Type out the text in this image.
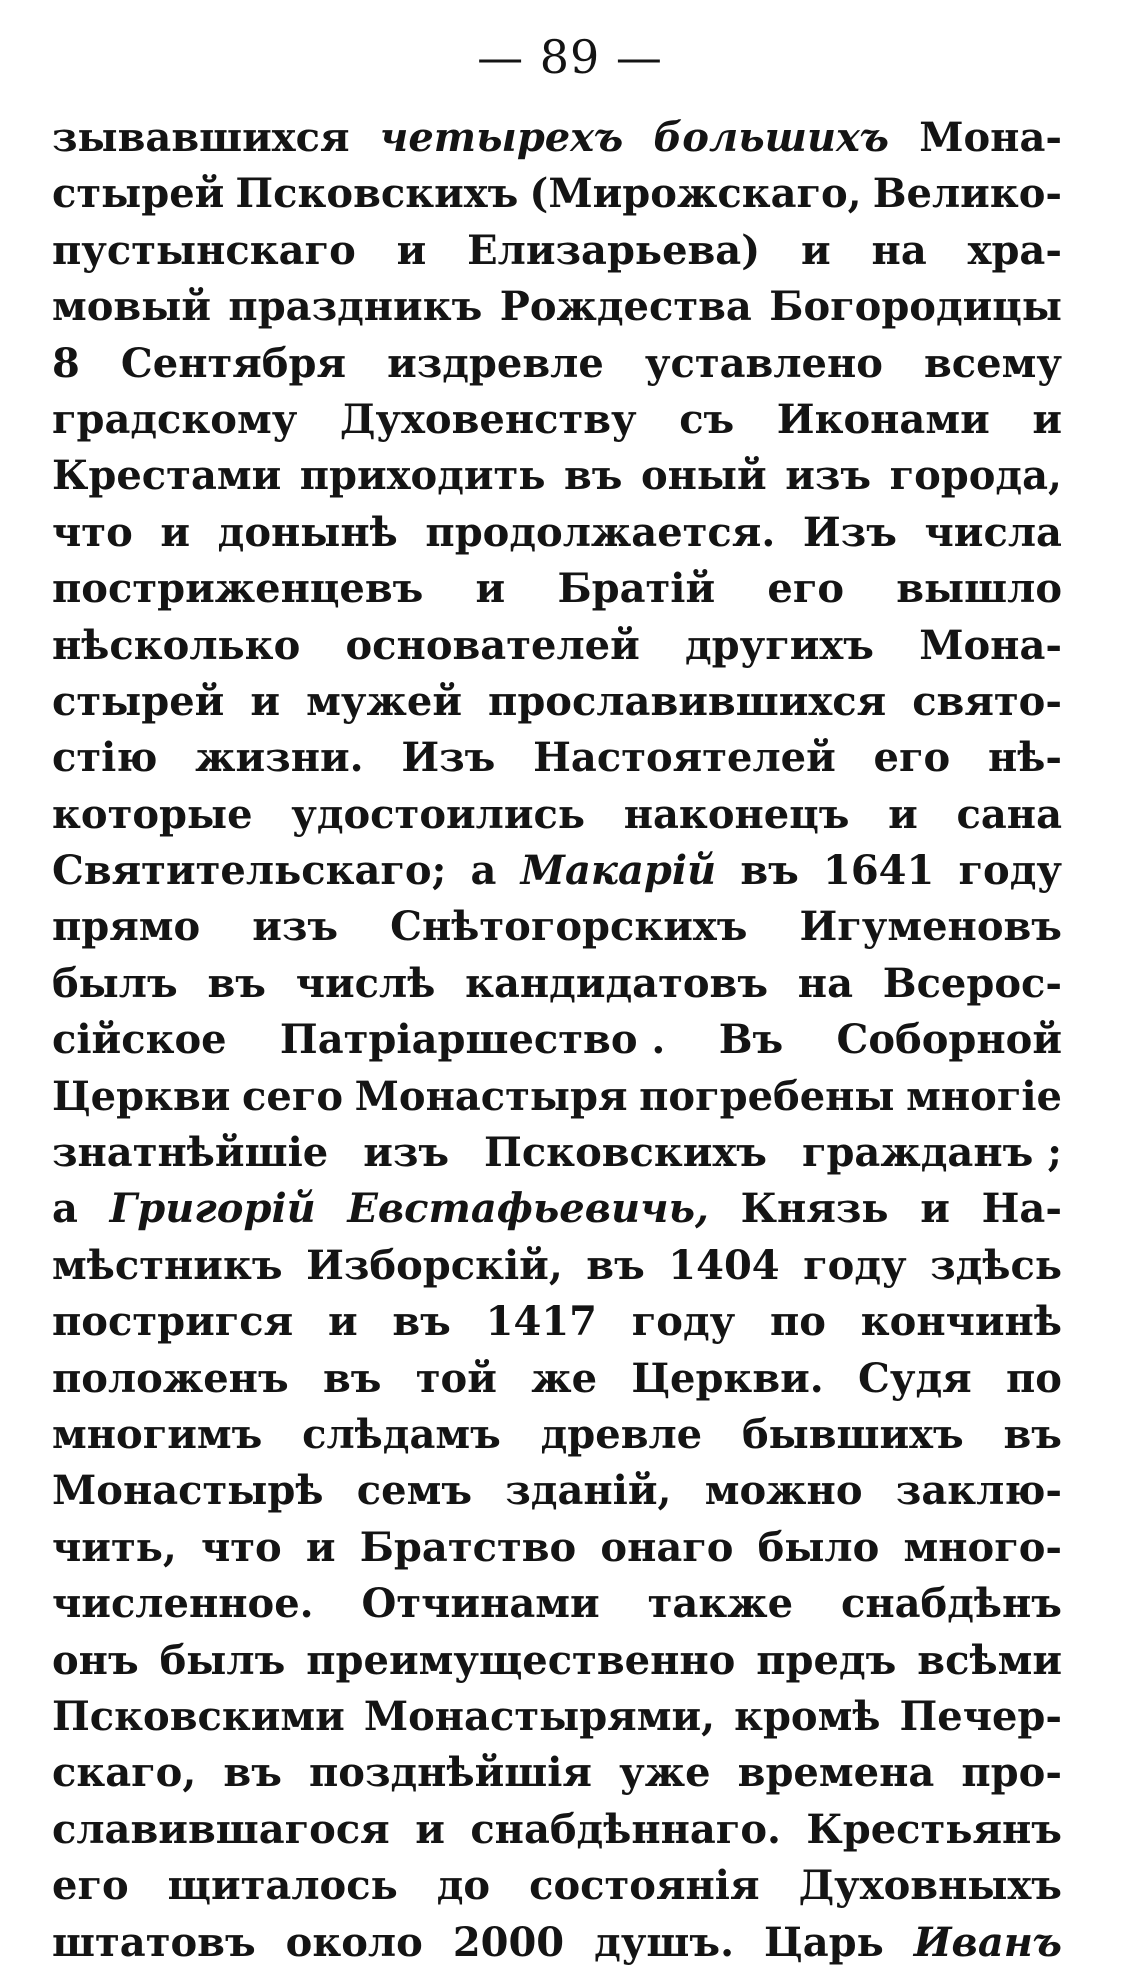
— 89 —
зывавшихся четырехъ большихъ Мона-
стырей Псковскихъ (Мирожскаго, Велико-
пустынскаго и Елизарьева) и на хра-
мовый праздникъ Рождества Богородицы
8 Сентября издревле уставлено всему
градскому Духовенству съ Иконами и
Крестами приходить въ оный изъ города,
что и донынѣ продолжается. Изъ числа
постриженцевъ и Братiй его вышло
нѣсколько основателей другихъ Мона-
стырей и мужей прославившихся свято-
стiю жизни. Изъ Настоятелей его нѣ-
которые удостоились наконецъ и сана
Святительскаго; а Макарiй въ 1641 году
прямо изъ Снѣтогорскихъ Игуменовъ
былъ въ числѣ кандидатовъ на Всерос-
сiйское Патрiаршество . Въ Соборной
Церкви сего Монастыря погребены многiе
знатнѣйшiе изъ Псковскихъ гражданъ ;
а Григорiй Евстафьевичь, Князь и На-
мѣстникъ Изборскiй, въ 1404 году здѣсь
постригся и въ 1417 году по кончинѣ
положенъ въ той же Церкви. Судя по
многимъ слѣдамъ древле бывшихъ въ
Монастырѣ семъ зданiй, можно заклю-
чить, что и Братство онаго было много-
численное. Отчинами также снабдѣнъ
онъ былъ преимущественно предъ всѣми
Псковскими Монастырями, кромѣ Печер-
скаго, въ позднѣйшiя уже времена про-
славившагося и снабдѣннаго. Крестьянъ
его щиталось до состоянiя Духовныхъ
штатовъ около 2000 душъ. Царь Иванъ
